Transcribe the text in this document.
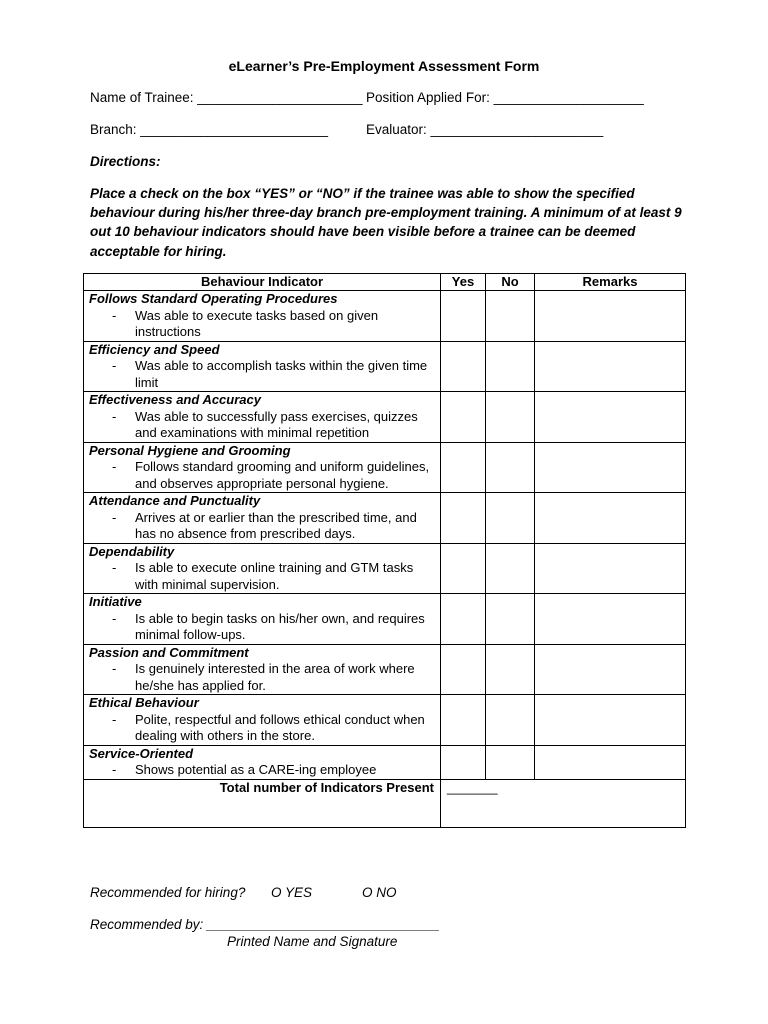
eLearner’s Pre-Employment Assessment Form
Name of Trainee: ______________________ Position Applied For: ____________________
Branch: _________________________	Evaluator: _______________________
Directions:
Place a check on the box “YES” or “NO” if the trainee was able to show the specified behaviour during his/her three-day branch pre-employment training. A minimum of at least 9 out 10 behaviour indicators should have been visible before a trainee can be deemed acceptable for hiring.
Behaviour Indicator	Yes	No	Remarks

Follows Standard Operating Procedures
- Was able to execute tasks based on given instructions			

Efficiency and Speed
- Was able to accomplish tasks within the given time limit			

Effectiveness and Accuracy
- Was able to successfully pass exercises, quizzes and examinations with minimal repetition			

Personal Hygiene and Grooming
- Follows standard grooming and uniform guidelines, and observes appropriate personal hygiene.			

Attendance and Punctuality
- Arrives at or earlier than the prescribed time, and has no absence from prescribed days.			

Dependability
- Is able to execute online training and GTM tasks with minimal supervision.			

Initiative
- Is able to begin tasks on his/her own, and requires minimal follow-ups.			

Passion and Commitment
- Is genuinely interested in the area of work where he/she has applied for.			

Ethical Behaviour
- Polite, respectful and follows ethical conduct when dealing with others in the store.			

Service-Oriented
- Shows potential as a CARE-ing employee			

Total number of Indicators Present	_______		
Recommended for hiring? O YES	O NO
Recommended by: _______________________________
Printed Name and Signature
